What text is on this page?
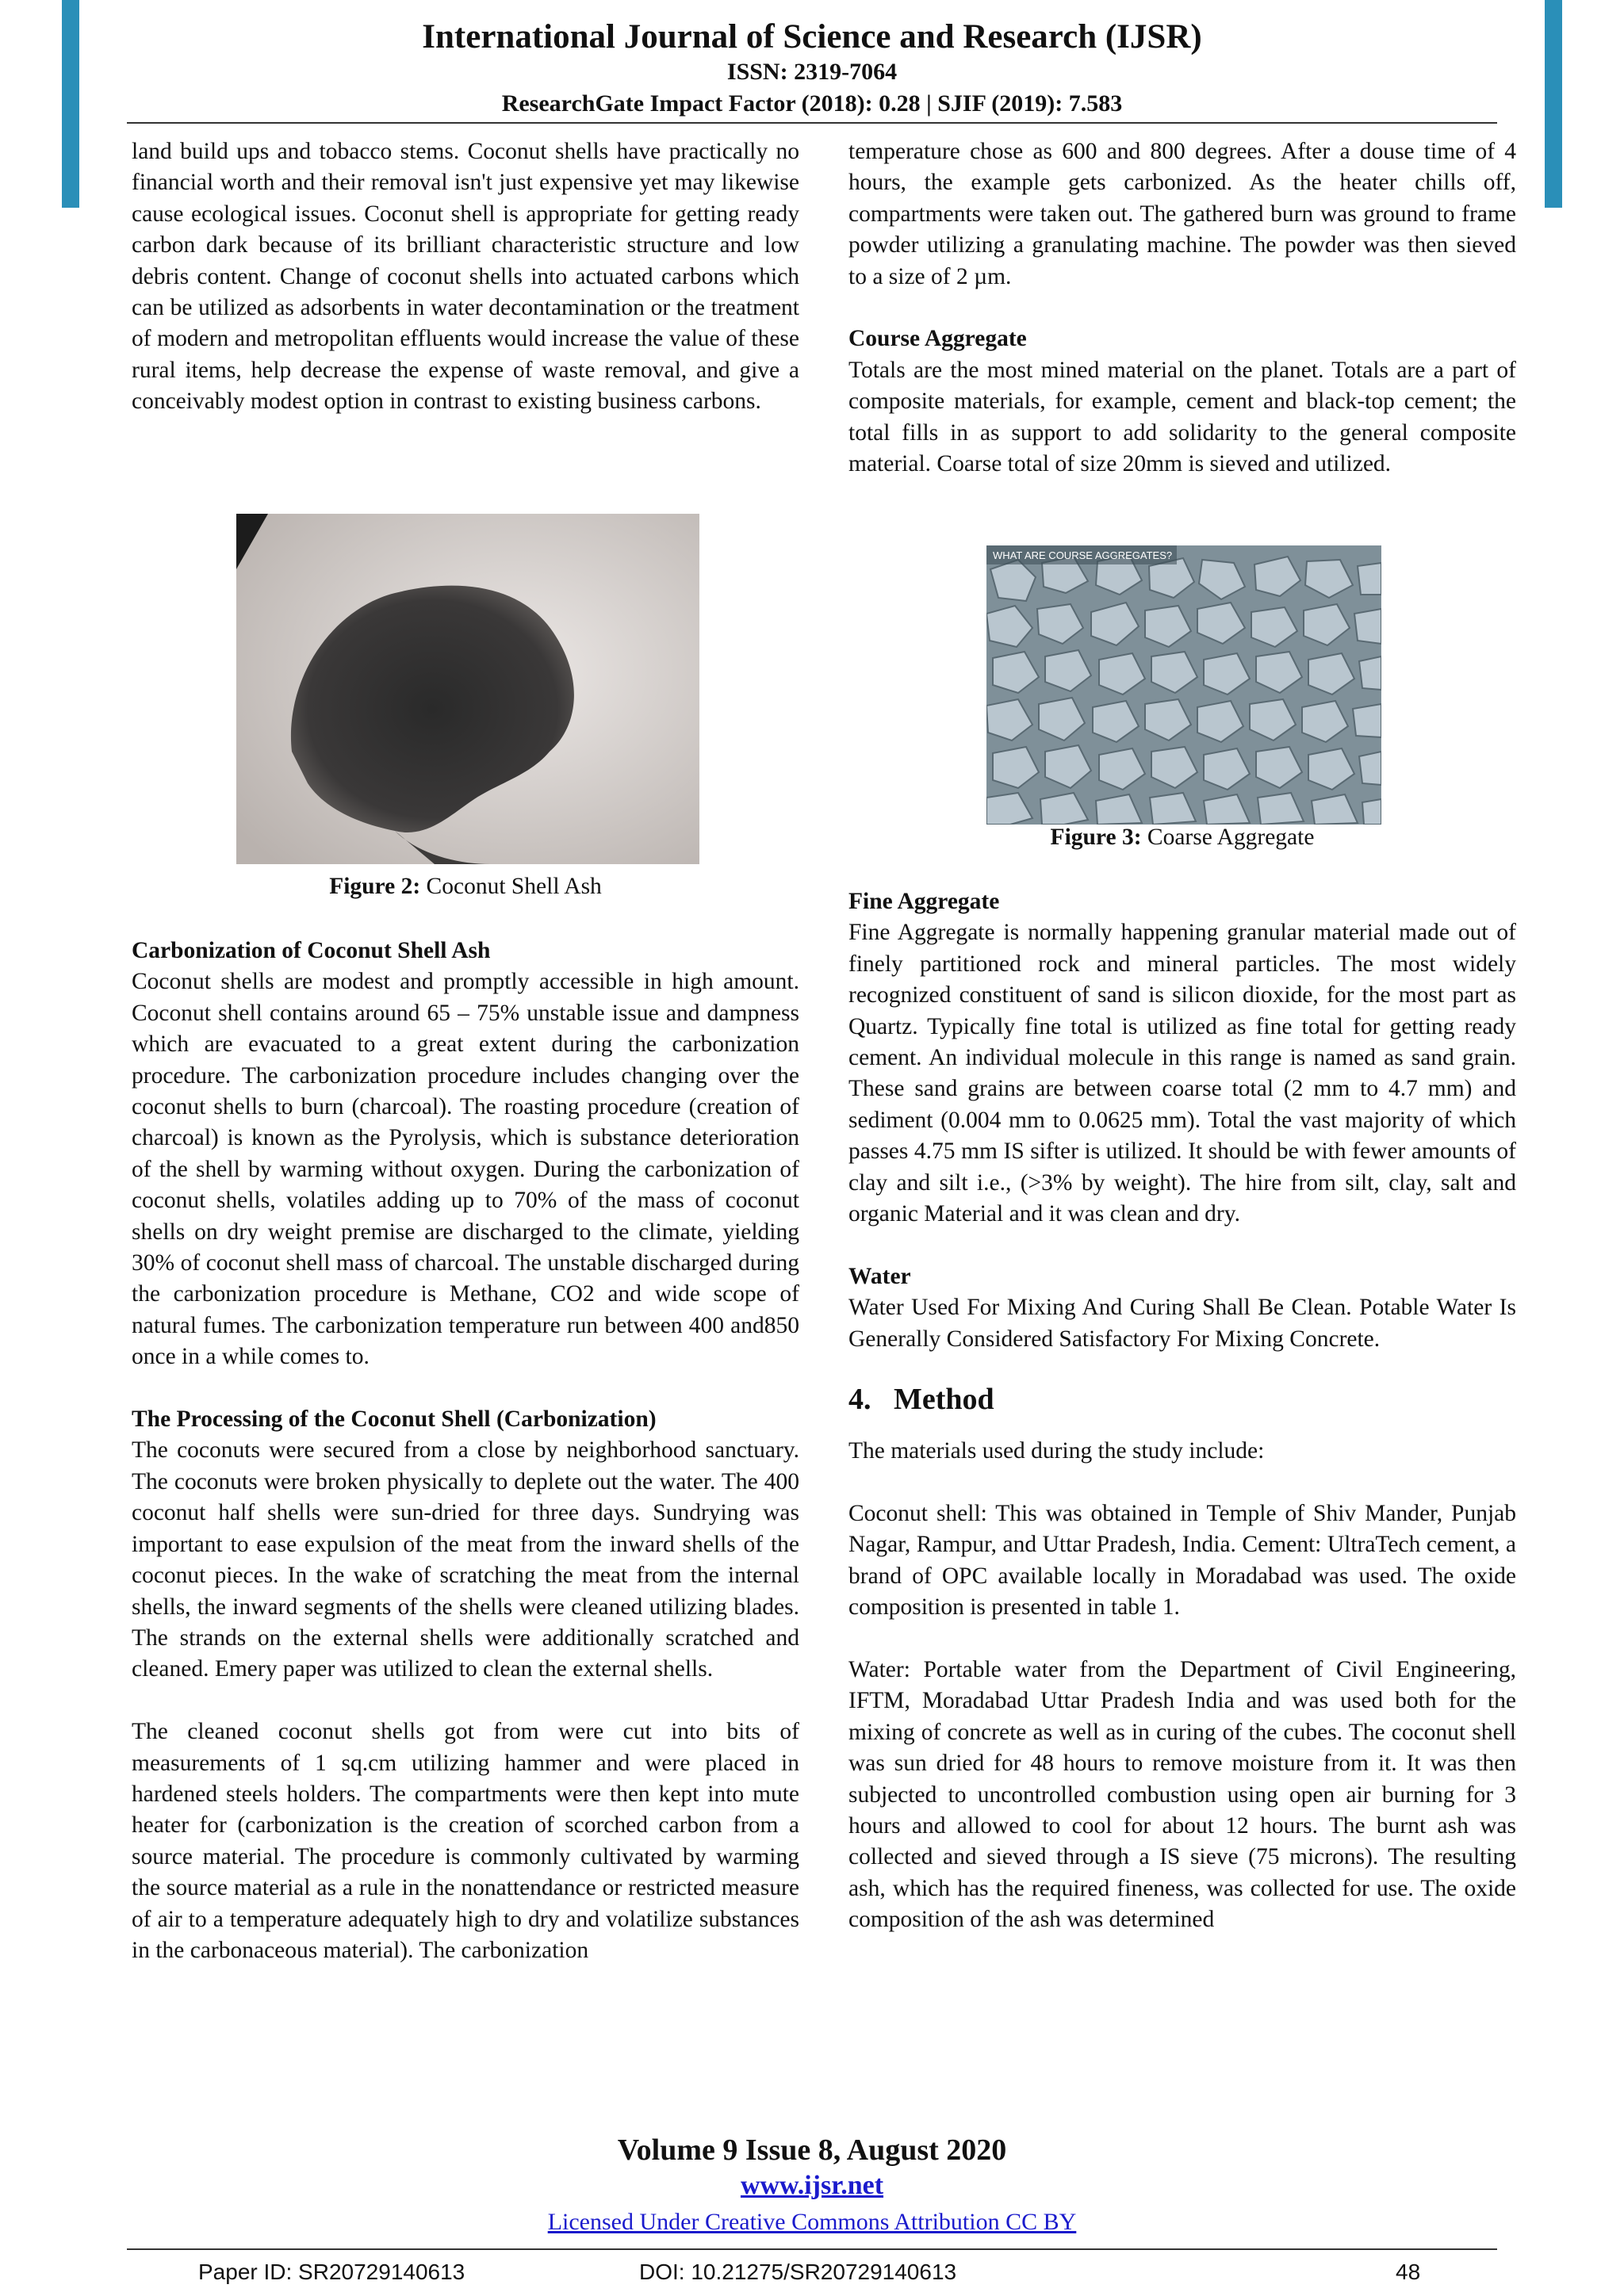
International Journal of Science and Research (IJSR)
ISSN: 2319-7064
ResearchGate Impact Factor (2018): 0.28 | SJIF (2019): 7.583

land build ups and tobacco stems. Coconut shells have practically no financial worth and their removal isn't just expensive yet may likewise cause ecological issues. Coconut shell is appropriate for getting ready carbon dark because of its brilliant characteristic structure and low debris content. Change of coconut shells into actuated carbons which can be utilized as adsorbents in water decontamination or the treatment of modern and metropolitan effluents would increase the value of these rural items, help decrease the expense of waste removal, and give a conceivably modest option in contrast to existing business carbons.

Figure 2: Coconut Shell Ash

Carbonization of Coconut Shell Ash

Coconut shells are modest and promptly accessible in high amount. Coconut shell contains around 65 – 75% unstable issue and dampness which are evacuated to a great extent during the carbonization procedure. The carbonization procedure includes changing over the coconut shells to burn (charcoal). The roasting procedure (creation of charcoal) is known as the Pyrolysis, which is substance deterioration of the shell by warming without oxygen. During the carbonization of coconut shells, volatiles adding up to 70% of the mass of coconut shells on dry weight premise are discharged to the climate, yielding 30% of coconut shell mass of charcoal. The unstable discharged during the carbonization procedure is Methane, CO2 and wide scope of natural fumes. The carbonization temperature run between 400 and850 once in a while comes to.

The Processing of the Coconut Shell (Carbonization)

The coconuts were secured from a close by neighborhood sanctuary. The coconuts were broken physically to deplete out the water. The 400 coconut half shells were sun-dried for three days. Sundrying was important to ease expulsion of the meat from the inward shells of the coconut pieces. In the wake of scratching the meat from the internal shells, the inward segments of the shells were cleaned utilizing blades. The strands on the external shells were additionally scratched and cleaned. Emery paper was utilized to clean the external shells.

The cleaned coconut shells got from were cut into bits of measurements of 1 sq.cm utilizing hammer and were placed in hardened steels holders. The compartments were then kept into mute heater for (carbonization is the creation of scorched carbon from a source material. The procedure is commonly cultivated by warming the source material as a rule in the nonattendance or restricted measure of air to a temperature adequately high to dry and volatilize substances in the carbonaceous material). The carbonization

temperature chose as 600 and 800 degrees. After a douse time of 4 hours, the example gets carbonized. As the heater chills off, compartments were taken out. The gathered burn was ground to frame powder utilizing a granulating machine. The powder was then sieved to a size of 2 µm.

Course Aggregate

Totals are the most mined material on the planet. Totals are a part of composite materials, for example, cement and black-top cement; the total fills in as support to add solidarity to the general composite material. Coarse total of size 20mm is sieved and utilized.

WHAT ARE COURSE AGGREGATES?
Figure 3: Coarse Aggregate

Fine Aggregate

Fine Aggregate is normally happening granular material made out of finely partitioned rock and mineral particles. The most widely recognized constituent of sand is silicon dioxide, for the most part as Quartz. Typically fine total is utilized as fine total for getting ready cement. An individual molecule in this range is named as sand grain. These sand grains are between coarse total (2 mm to 4.7 mm) and sediment (0.004 mm to 0.0625 mm). Total the vast majority of which passes 4.75 mm IS sifter is utilized. It should be with fewer amounts of clay and silt i.e., (>3% by weight). The hire from silt, clay, salt and organic Material and it was clean and dry.

Water

Water Used For Mixing And Curing Shall Be Clean. Potable Water Is Generally Considered Satisfactory For Mixing Concrete.

4.   Method

The materials used during the study include:

Coconut shell: This was obtained in Temple of Shiv Mander, Punjab Nagar, Rampur, and Uttar Pradesh, India. Cement: UltraTech cement, a brand of OPC available locally in Moradabad was used. The oxide composition is presented in table 1.

Water: Portable water from the Department of Civil Engineering, IFTM, Moradabad Uttar Pradesh India and was used both for the mixing of concrete as well as in curing of the cubes. The coconut shell was sun dried for 48 hours to remove moisture from it. It was then subjected to uncontrolled combustion using open air burning for 3 hours and allowed to cool for about 12 hours. The burnt ash was collected and sieved through a IS sieve (75 microns). The resulting ash, which has the required fineness, was collected for use. The oxide composition of the ash was determined

Volume 9 Issue 8, August 2020
www.ijsr.net
Licensed Under Creative Commons Attribution CC BY
Paper ID: SR20729140613	DOI: 10.21275/SR20729140613	48
